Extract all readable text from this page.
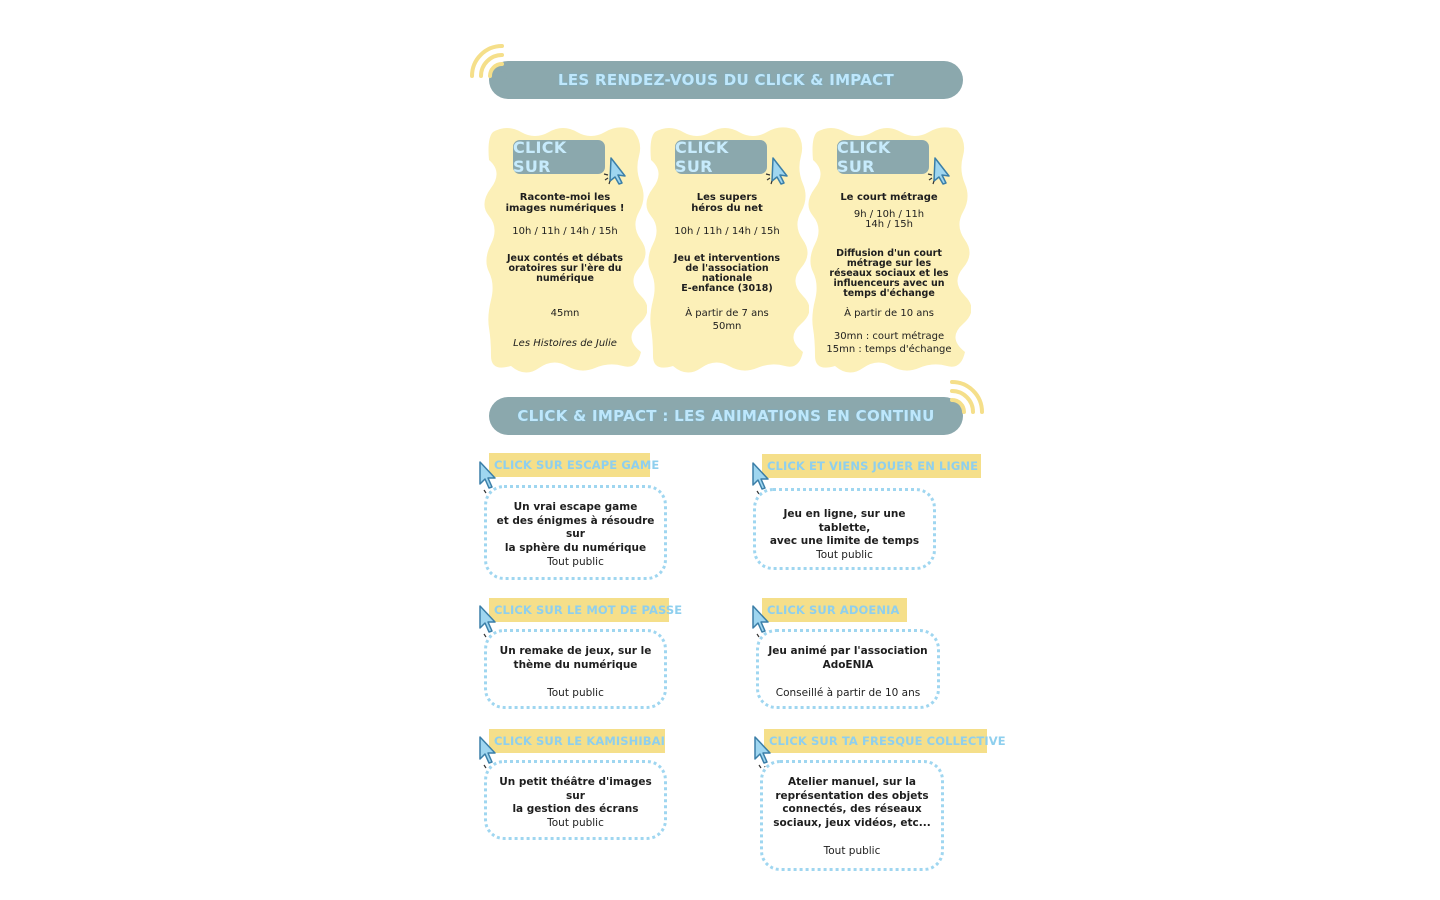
LES RENDEZ-VOUS DU CLICK & IMPACT
CLICK SUR
Raconte-moi les
images numériques !
10h / 11h / 14h / 15h
Jeux contés et débats
oratoires sur l'ère du
numérique
45mn
Les Histoires de Julie
CLICK SUR
Les supers
héros du net
10h / 11h / 14h / 15h
Jeu et interventions
de l'association
nationale
E-enfance (3018)
À partir de 7 ans
50mn
CLICK SUR
Le court métrage
9h / 10h / 11h
14h / 15h
Diffusion d'un court
métrage sur les
réseaux sociaux et les
influenceurs avec un
temps d'échange
À partir de 10 ans
30mn : court métrage
15mn : temps d'échange
CLICK & IMPACT : LES ANIMATIONS EN CONTINU
CLICK SUR ESCAPE GAME
Un vrai escape game
et des énigmes à résoudre sur
la sphère du numérique
Tout public
CLICK ET VIENS JOUER EN LIGNE
Jeu en ligne, sur une tablette,
avec une limite de temps
Tout public
CLICK SUR LE MOT DE PASSE
Un remake de jeux, sur le
thème du numérique
Tout public
CLICK SUR ADOENIA
Jeu animé par l'association
AdoENIA
Conseillé à partir de 10 ans
CLICK SUR LE KAMISHIBAI
Un petit théâtre d'images sur
la gestion des écrans
Tout public
CLICK SUR TA FRESQUE COLLECTIVE
Atelier manuel, sur la
représentation des objets
connectés, des réseaux
sociaux, jeux vidéos, etc...
Tout public
